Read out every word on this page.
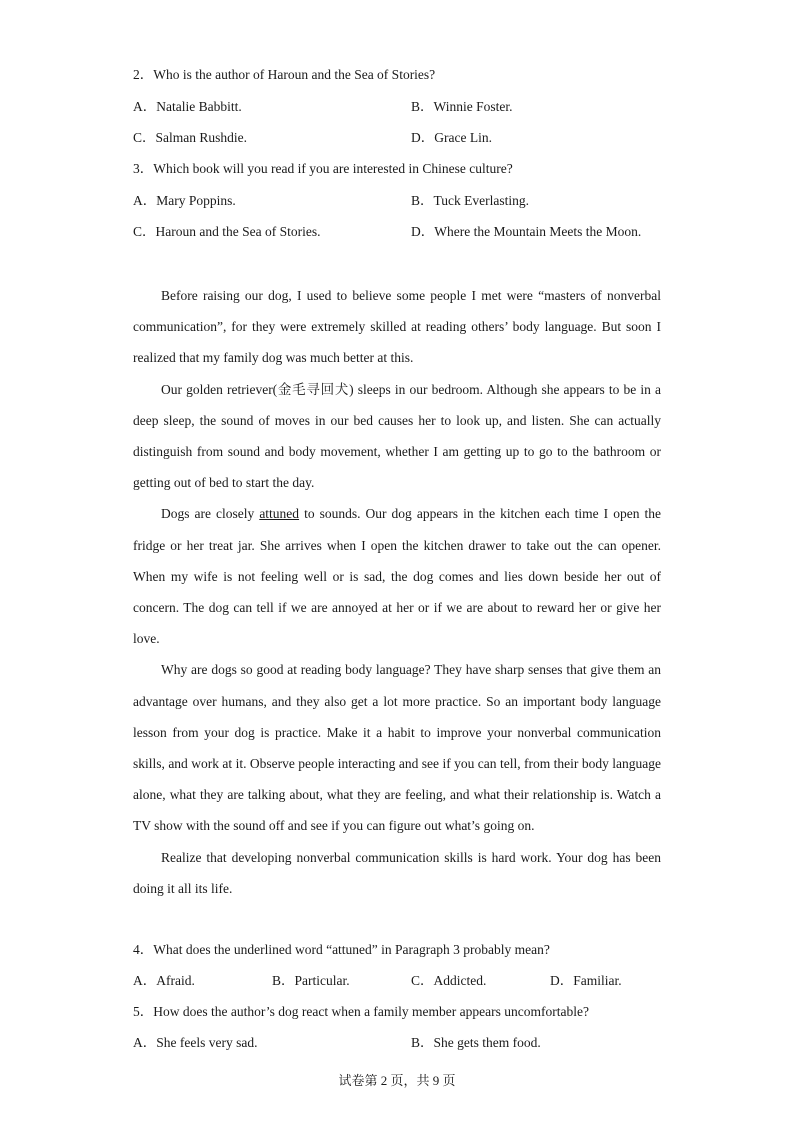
2．Who is the author of Haroun and the Sea of Stories?
A．Natalie Babbitt.	B．Winnie Foster.
C．Salman Rushdie.	D．Grace Lin.
3．Which book will you read if you are interested in Chinese culture?
A．Mary Poppins.	B．Tuck Everlasting.
C．Haroun and the Sea of Stories.	D．Where the Mountain Meets the Moon.

Before raising our dog, I used to believe some people I met were “masters of nonverbal communication”, for they were extremely skilled at reading others’ body language. But soon I realized that my family dog was much better at this.

Our golden retriever(金毛寻回犬) sleeps in our bedroom. Although she appears to be in a deep sleep, the sound of moves in our bed causes her to look up, and listen. She can actually distinguish from sound and body movement, whether I am getting up to go to the bathroom or getting out of bed to start the day.

Dogs are closely attuned to sounds. Our dog appears in the kitchen each time I open the fridge or her treat jar. She arrives when I open the kitchen drawer to take out the can opener. When my wife is not feeling well or is sad, the dog comes and lies down beside her out of concern. The dog can tell if we are annoyed at her or if we are about to reward her or give her love.

Why are dogs so good at reading body language? They have sharp senses that give them an advantage over humans, and they also get a lot more practice. So an important body language lesson from your dog is practice. Make it a habit to improve your nonverbal communication skills, and work at it. Observe people interacting and see if you can tell, from their body language alone, what they are talking about, what they are feeling, and what their relationship is. Watch a TV show with the sound off and see if you can figure out what’s going on.

Realize that developing nonverbal communication skills is hard work. Your dog has been doing it all its life.

4．What does the underlined word “attuned” in Paragraph 3 probably mean?
A．Afraid.	B．Particular.	C．Addicted.	D．Familiar.
5．How does the author’s dog react when a family member appears uncomfortable?
A．She feels very sad.	B．She gets them food.
试卷第 2 页，共 9 页
